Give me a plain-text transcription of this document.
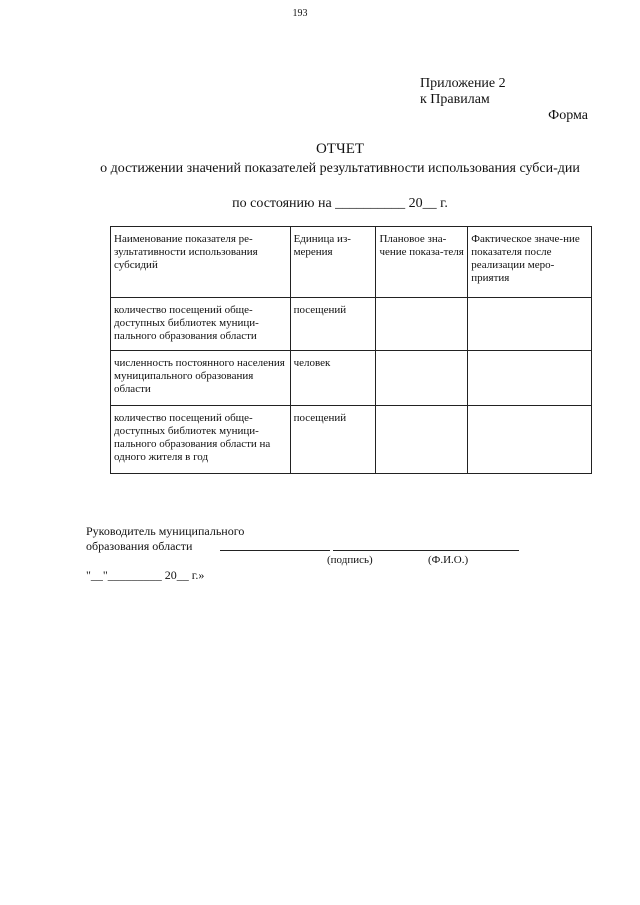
193
Приложение 2
к Правилам
Форма
ОТЧЕТ
о достижении значений показателей результативности использования субси-дии
по состоянию на __________ 20__ г.
Наименование показателя ре-зультативности использования субсидий	Единица из-мерения	Плановое зна-чение показа-теля	Фактическое значе-ние показателя после реализации меро-приятия
количество посещений обще-доступных библиотек муници-пального образования области	посещений		
численность постоянного населения муниципального образования области	человек		
количество посещений обще-доступных библиотек муници-пального образования области на одного жителя в год	посещений		
Руководитель муниципального
образования области
(подпись)	(Ф.И.О.)
"__"_________ 20__ г.»
